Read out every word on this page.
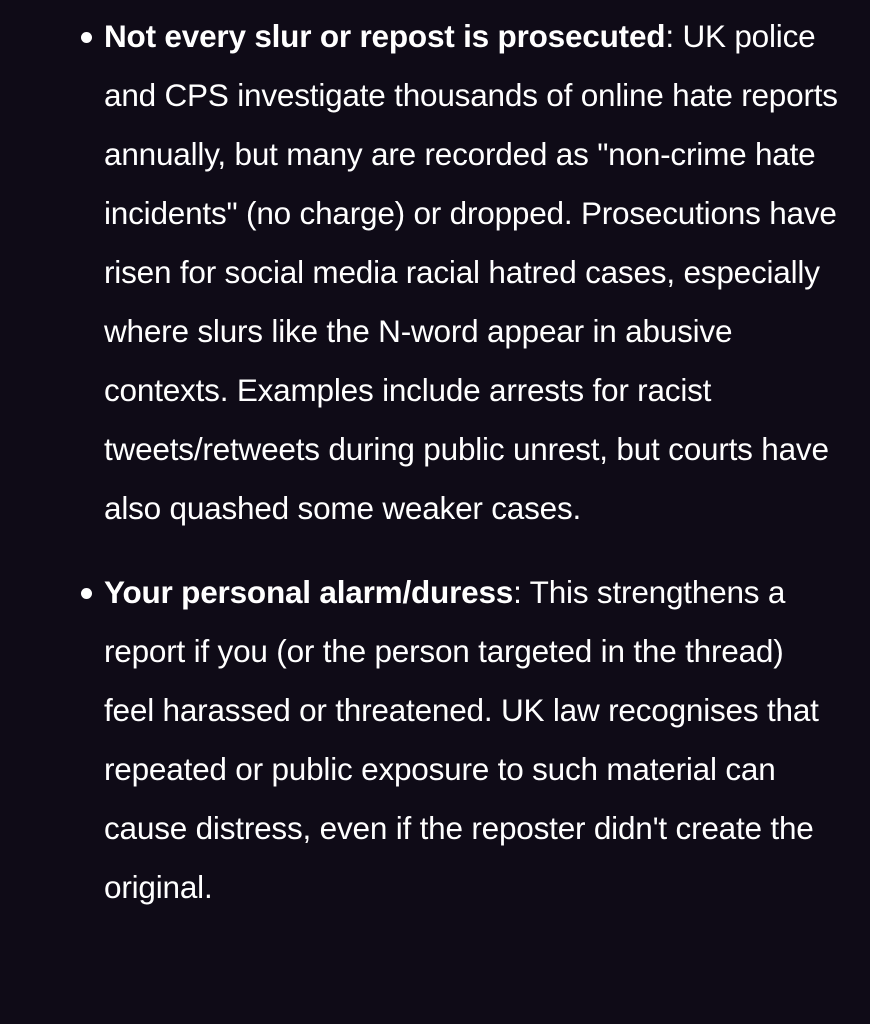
Not every slur or repost is prosecuted: UK police and CPS investigate thousands of online hate reports annually, but many are recorded as "non-crime hate incidents" (no charge) or dropped. Prosecutions have risen for social media racial hatred cases, especially where slurs like the N-word appear in abusive contexts. Examples include arrests for racist tweets/retweets during public unrest, but courts have also quashed some weaker cases.
Your personal alarm/duress: This strengthens a report if you (or the person targeted in the thread) feel harassed or threatened. UK law recognises that repeated or public exposure to such material can cause distress, even if the reposter didn't create the original.
